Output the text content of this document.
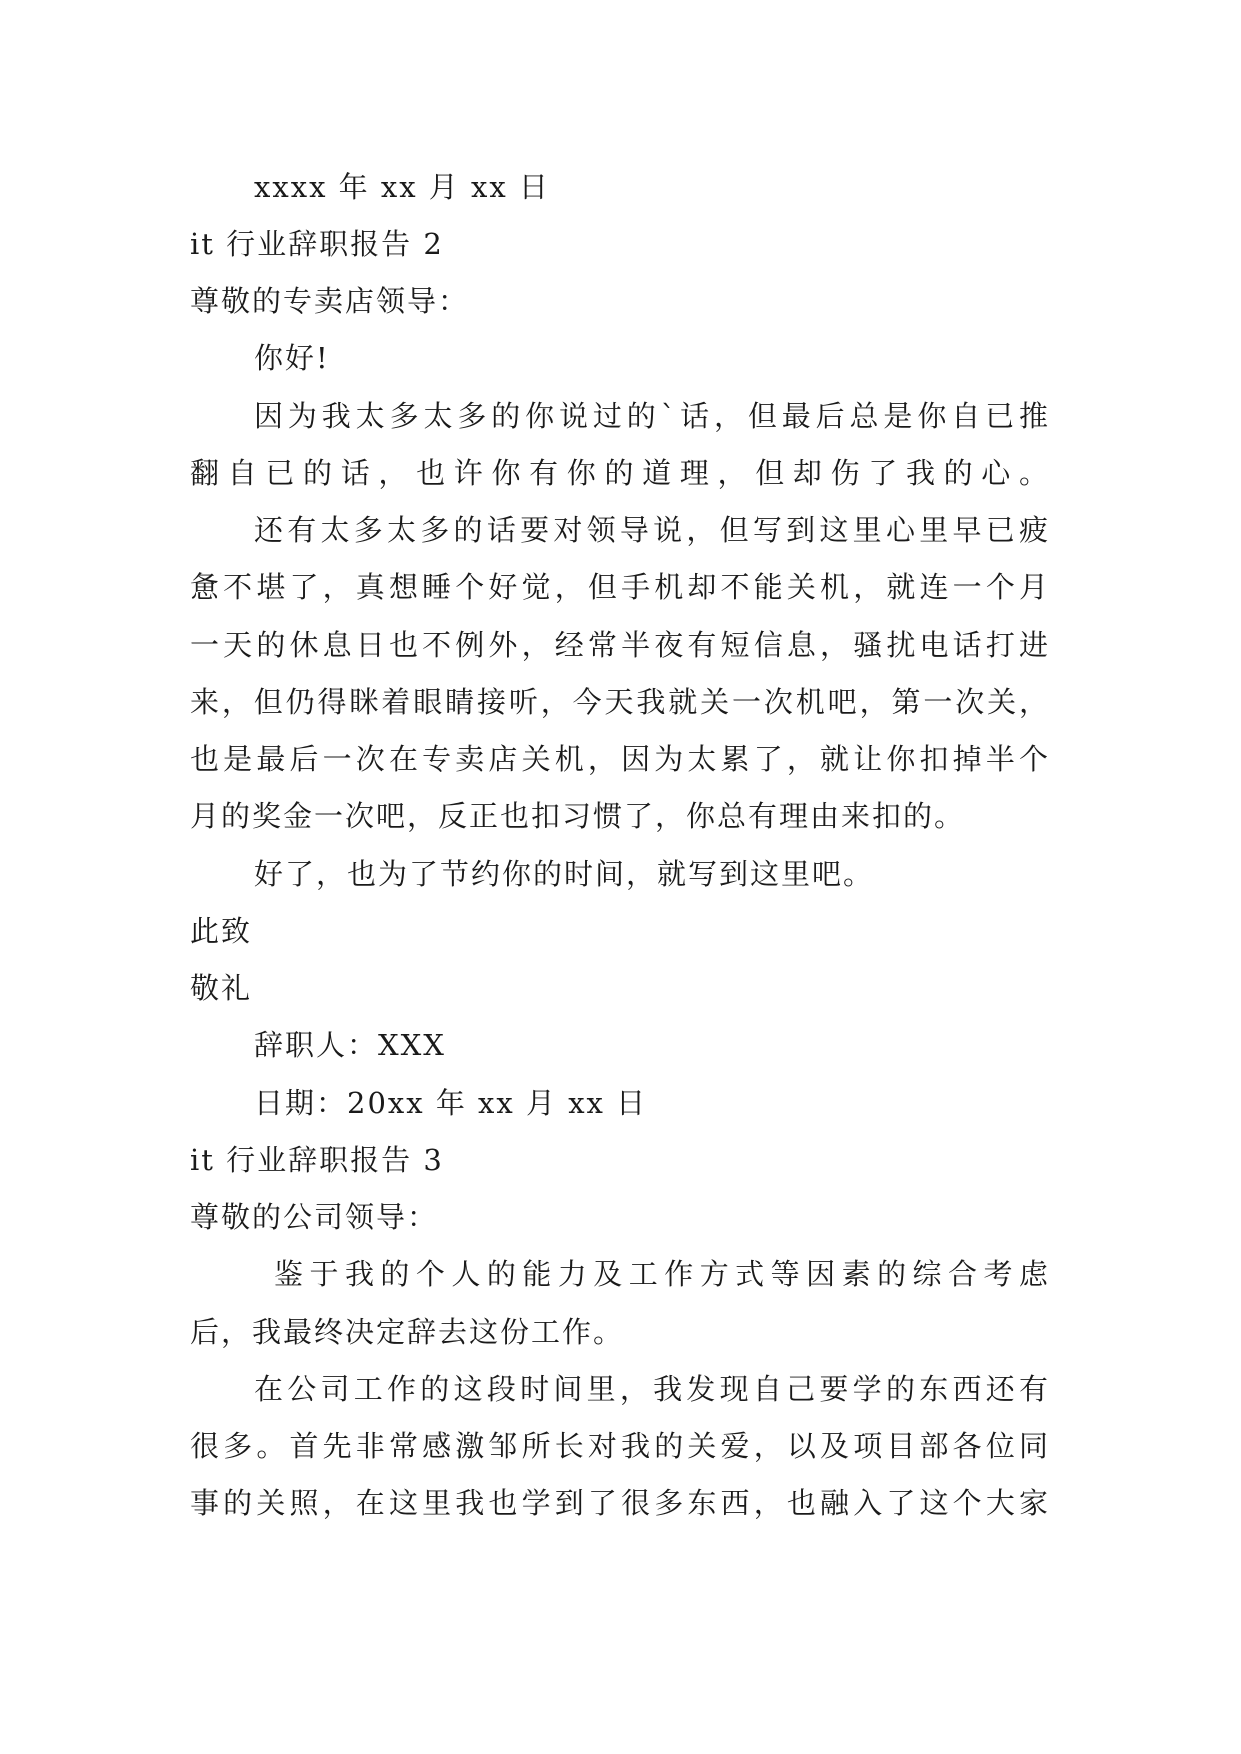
xxxx 年 xx 月 xx 日
it 行业辞职报告 2
尊敬的专卖店领导：
你好!
因为我太多太多的你说过的`话，但最后总是你自已推
翻自已的话，也许你有你的道理，但却伤了我的心。
还有太多太多的话要对领导说，但写到这里心里早已疲
惫不堪了，真想睡个好觉，但手机却不能关机，就连一个月
一天的休息日也不例外，经常半夜有短信息，骚扰电话打进
来，但仍得眯着眼睛接听，今天我就关一次机吧，第一次关，
也是最后一次在专卖店关机，因为太累了，就让你扣掉半个
月的奖金一次吧，反正也扣习惯了，你总有理由来扣的。
好了，也为了节约你的时间，就写到这里吧。
此致
敬礼
辞职人：XXX
日期：20xx 年 xx 月 xx 日
it 行业辞职报告 3
尊敬的公司领导：
鉴于我的个人的能力及工作方式等因素的综合考虑
后，我最终决定辞去这份工作。
在公司工作的这段时间里，我发现自己要学的东西还有
很多。首先非常感激邹所长对我的关爱，以及项目部各位同
事的关照，在这里我也学到了很多东西，也融入了这个大家
